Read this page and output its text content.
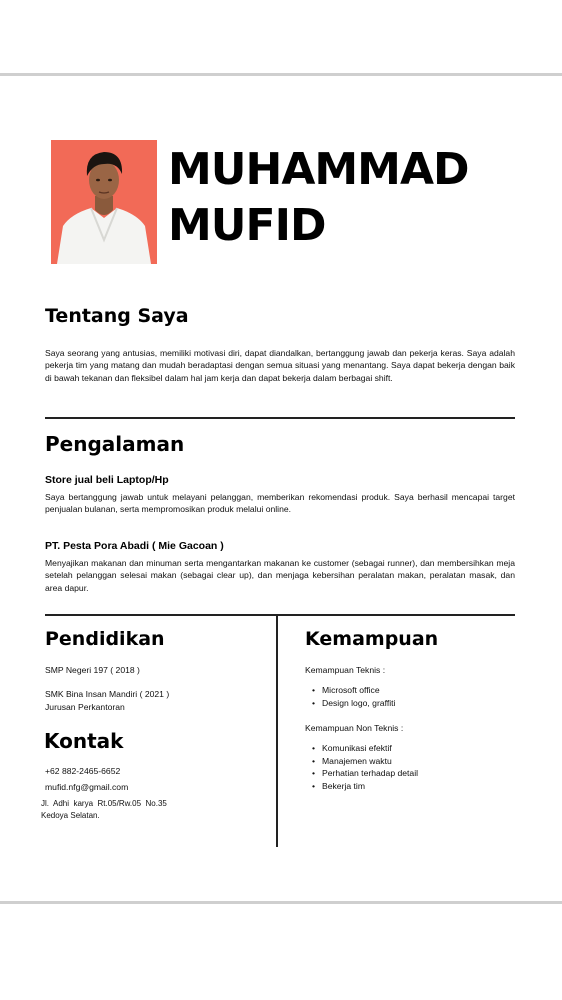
MUHAMMAD
MUFID
Tentang Saya

Saya seorang yang antusias, memiliki motivasi diri, dapat diandalkan, bertanggung jawab dan pekerja keras. Saya adalah pekerja tim yang matang dan mudah beradaptasi dengan semua situasi yang menantang. Saya dapat bekerja dengan baik di bawah tekanan dan fleksibel dalam hal jam kerja dan dapat bekerja dalam berbagai shift.

Pengalaman
Store jual beli Laptop/Hp

Saya bertanggung jawab untuk melayani pelanggan, memberikan rekomendasi produk. Saya berhasil mencapai target penjualan bulanan, serta mempromosikan produk melalui online.

PT. Pesta Pora Abadi ( Mie Gacoan )

Menyajikan makanan dan minuman serta mengantarkan makanan ke customer (sebagai runner), dan membersihkan meja setelah pelanggan selesai makan (sebagai clear up), dan menjaga kebersihan peralatan makan, peralatan masak, dan area dapur.

Pendidikan
SMP Negeri 197 ( 2018 )
SMK Bina Insan Mandiri ( 2021 )
Jurusan Perkantoran
Kontak
+62 882-2465-6652
mufid.nfg@gmail.com
Jl.  Adhi  karya  Rt.05/Rw.05  No.35
Kedoya Selatan.
Kemampuan
Kemampuan Teknis :
• Microsoft office
• Design logo, graffiti
Kemampuan Non Teknis :
• Komunikasi efektif
• Manajemen waktu
• Perhatian terhadap detail
• Bekerja tim
